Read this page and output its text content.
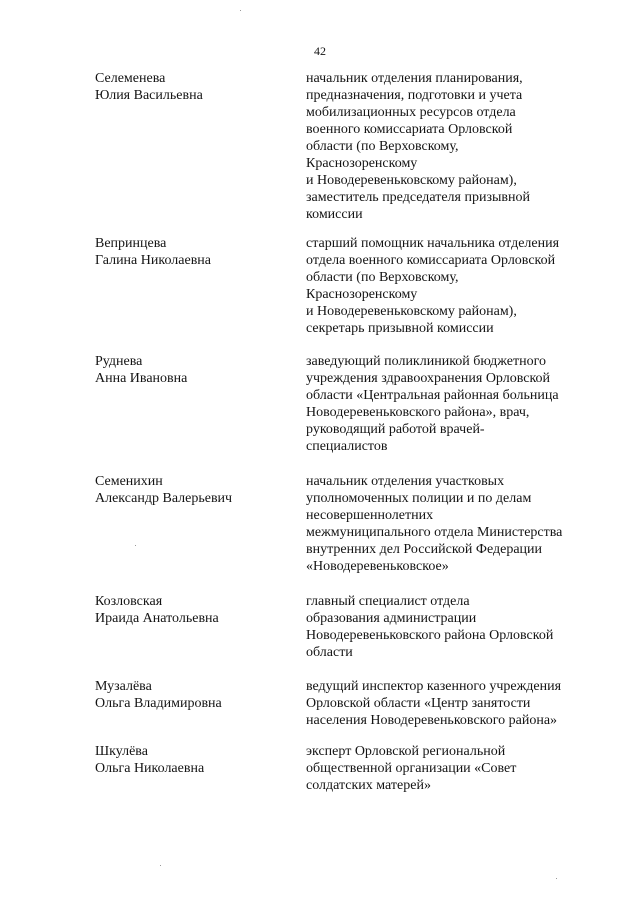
42
Селеменева
Юлия Васильевна
начальник отделения планирования,
предназначения, подготовки и учета
мобилизационных ресурсов отдела
военного комиссариата Орловской
области (по Верховскому,
Краснозоренскому
и Новодеревеньковскому районам),
заместитель председателя призывной
комиссии
Вепринцева
Галина Николаевна
старший помощник начальника отделения
отдела военного комиссариата Орловской
области (по Верховскому,
Краснозоренскому
и Новодеревеньковскому районам),
секретарь призывной комиссии
Руднева
Анна Ивановна
заведующий поликлиникой бюджетного
учреждения здравоохранения Орловской
области «Центральная районная больница
Новодеревеньковского района», врач,
руководящий работой врачей-
специалистов
Семенихин
Александр Валерьевич
начальник отделения участковых
уполномоченных полиции и по делам
несовершеннолетних
межмуниципального отдела Министерства
внутренних дел Российской Федерации
«Новодеревеньковское»
Козловская
Ираида Анатольевна
главный специалист отдела
образования администрации
Новодеревеньковского района Орловской
области
Музалёва
Ольга Владимировна
ведущий инспектор казенного учреждения
Орловской области «Центр занятости
населения Новодеревеньковского района»
Шкулёва
Ольга Николаевна
эксперт Орловской региональной
общественной организации «Совет
солдатских матерей»
